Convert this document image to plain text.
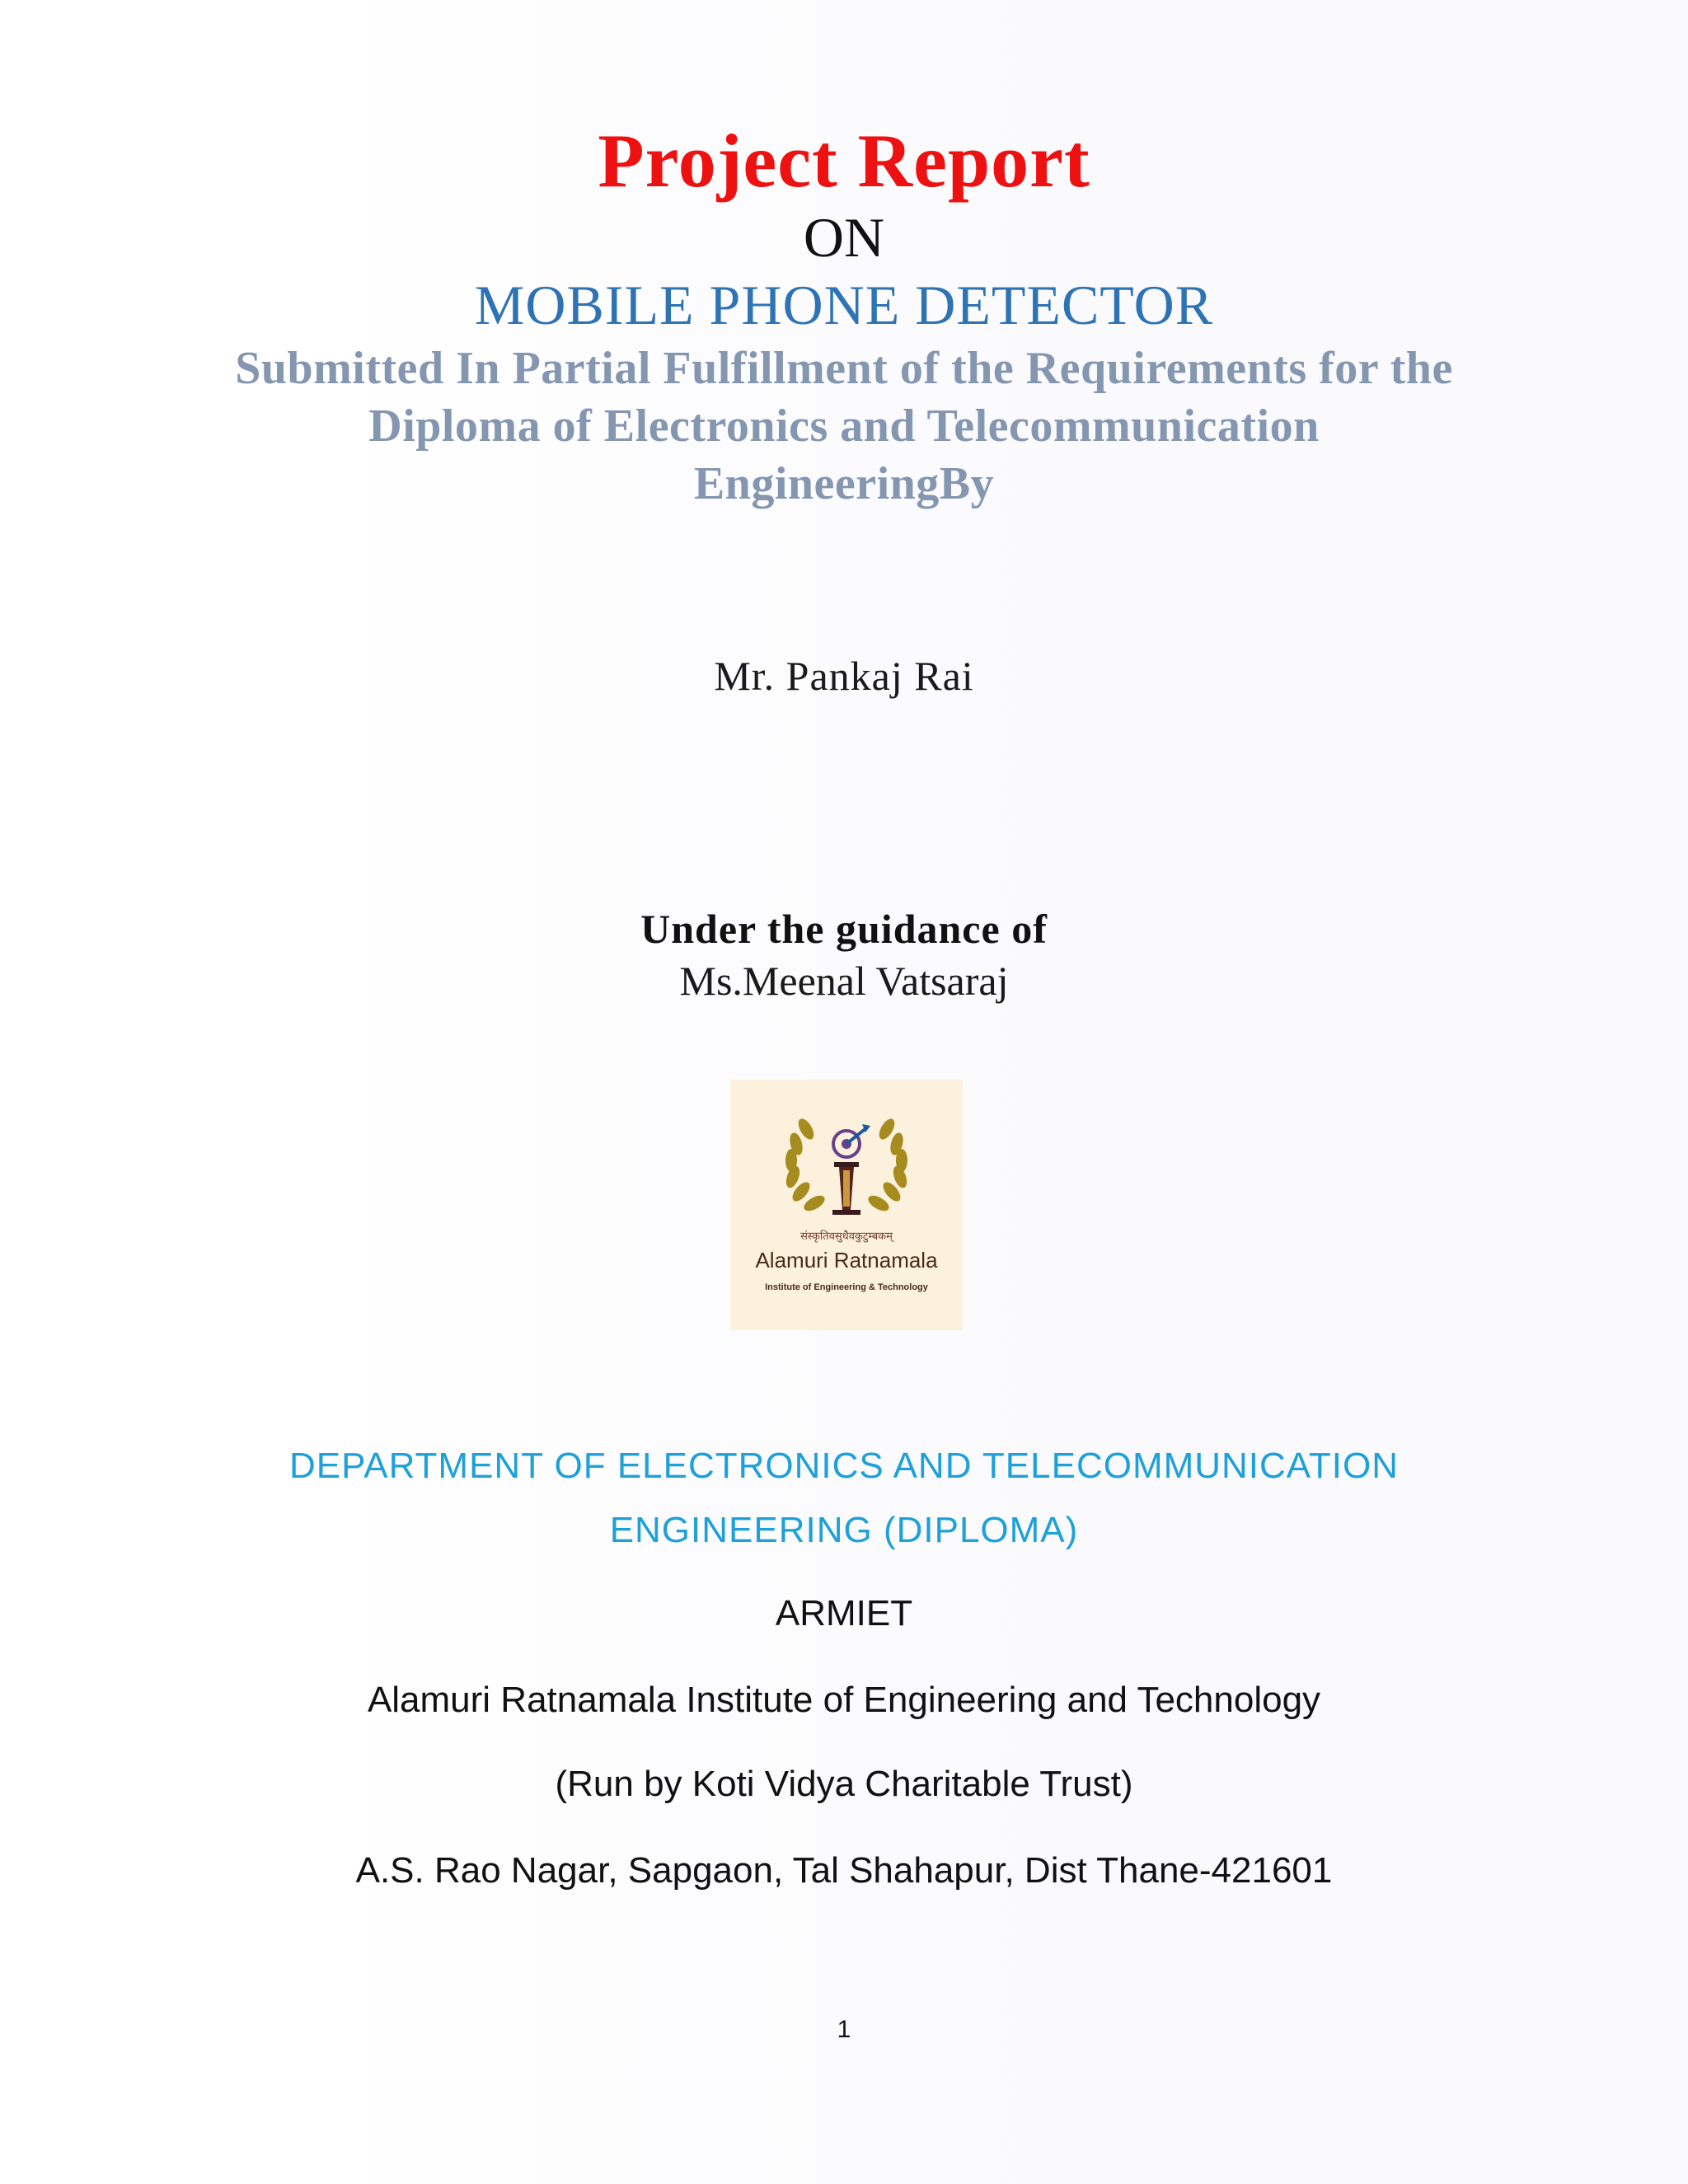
Project Report
ON
MOBILE PHONE DETECTOR
Submitted In Partial Fulfillment of the Requirements for the
Diploma of Electronics and Telecommunication
EngineeringBy
Mr. Pankaj Rai
Under the guidance of
Ms.Meenal Vatsaraj
संस्कृतिवसुधैवकुटुम्बकम्
Alamuri Ratnamala
Institute of Engineering & Technology
DEPARTMENT OF ELECTRONICS AND TELECOMMUNICATION
ENGINEERING (DIPLOMA)
ARMIET
Alamuri Ratnamala Institute of Engineering and Technology
(Run by Koti Vidya Charitable Trust)
A.S. Rao Nagar, Sapgaon, Tal Shahapur, Dist Thane-421601
1
